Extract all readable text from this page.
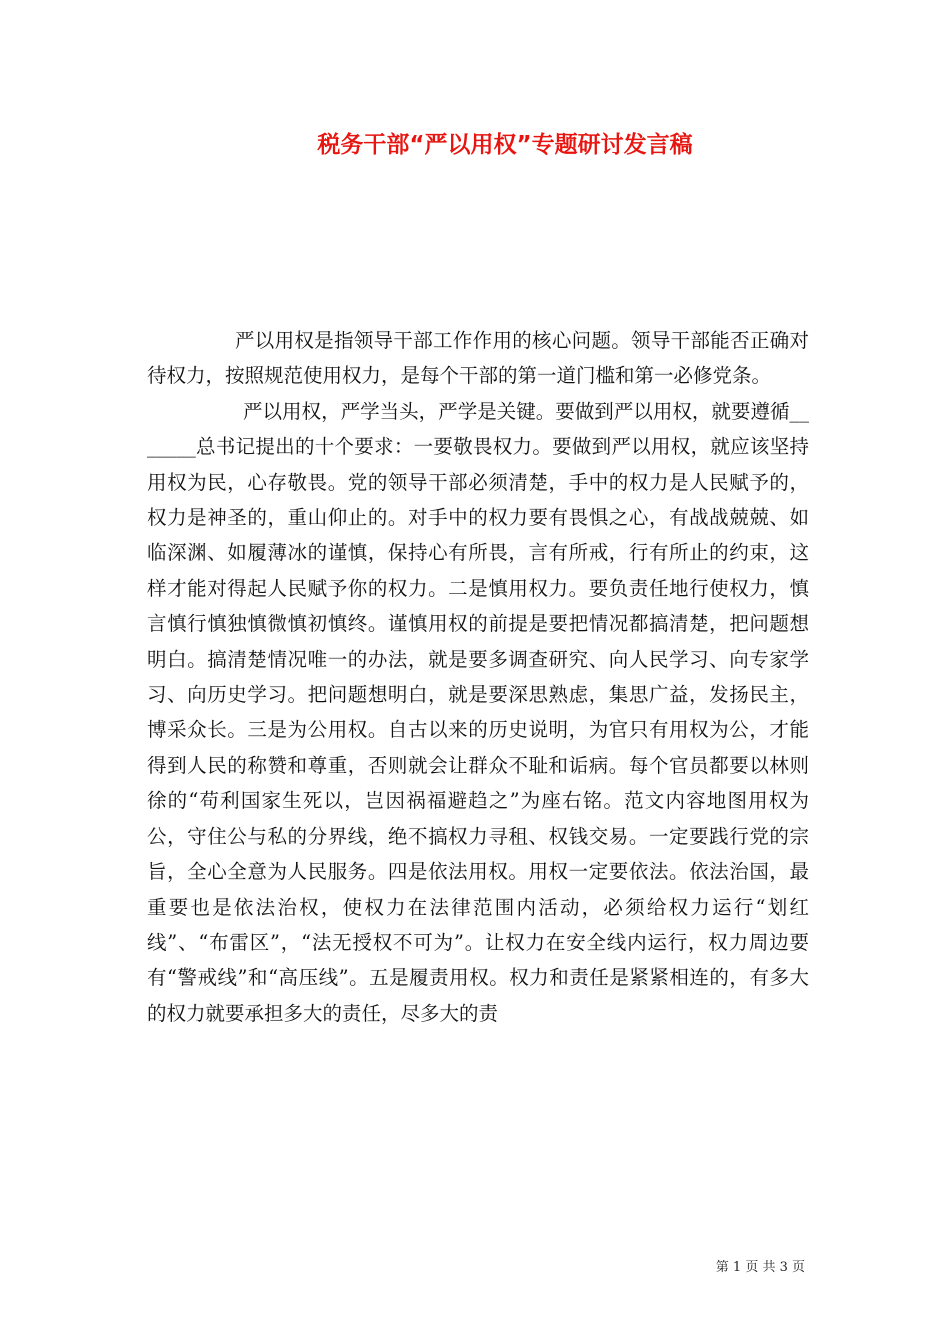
税务干部“严以用权”专题研讨发言稿

严以用权是指领导干部工作作用的核心问题。领导干部能否正确对待权力，按照规范使用权力，是每个干部的第一道门槛和第一必修党条。

严以用权，严学当头，严学是关键。要做到严以用权，就要遵循_______总书记提出的十个要求：一要敬畏权力。要做到严以用权，就应该坚持用权为民，心存敬畏。党的领导干部必须清楚，手中的权力是人民赋予的，权力是神圣的，重山仰止的。对手中的权力要有畏惧之心，有战战兢兢、如临深渊、如履薄冰的谨慎，保持心有所畏，言有所戒，行有所止的约束，这样才能对得起人民赋予你的权力。二是慎用权力。要负责任地行使权力，慎言慎行慎独慎微慎初慎终。谨慎用权的前提是要把情况都搞清楚，把问题想明白。搞清楚情况唯一的办法，就是要多调查研究、向人民学习、向专家学习、向历史学习。把问题想明白，就是要深思熟虑，集思广益，发扬民主，博采众长。三是为公用权。自古以来的历史说明，为官只有用权为公，才能得到人民的称赞和尊重，否则就会让群众不耻和诟病。每个官员都要以林则徐的“苟利国家生死以，岂因祸福避趋之”为座右铭。范文内容地图用权为公，守住公与私的分界线，绝不搞权力寻租、权钱交易。一定要践行党的宗旨，全心全意为人民服务。四是依法用权。用权一定要依法。依法治国，最重要也是依法治权，使权力在法律范围内活动，必须给权力运行“划红线”、“布雷区”，“法无授权不可为”。让权力在安全线内运行，权力周边要有“警戒线”和“高压线”。五是履责用权。权力和责任是紧紧相连的，有多大的权力就要承担多大的责任，尽多大的责

第 1 页 共 3 页
